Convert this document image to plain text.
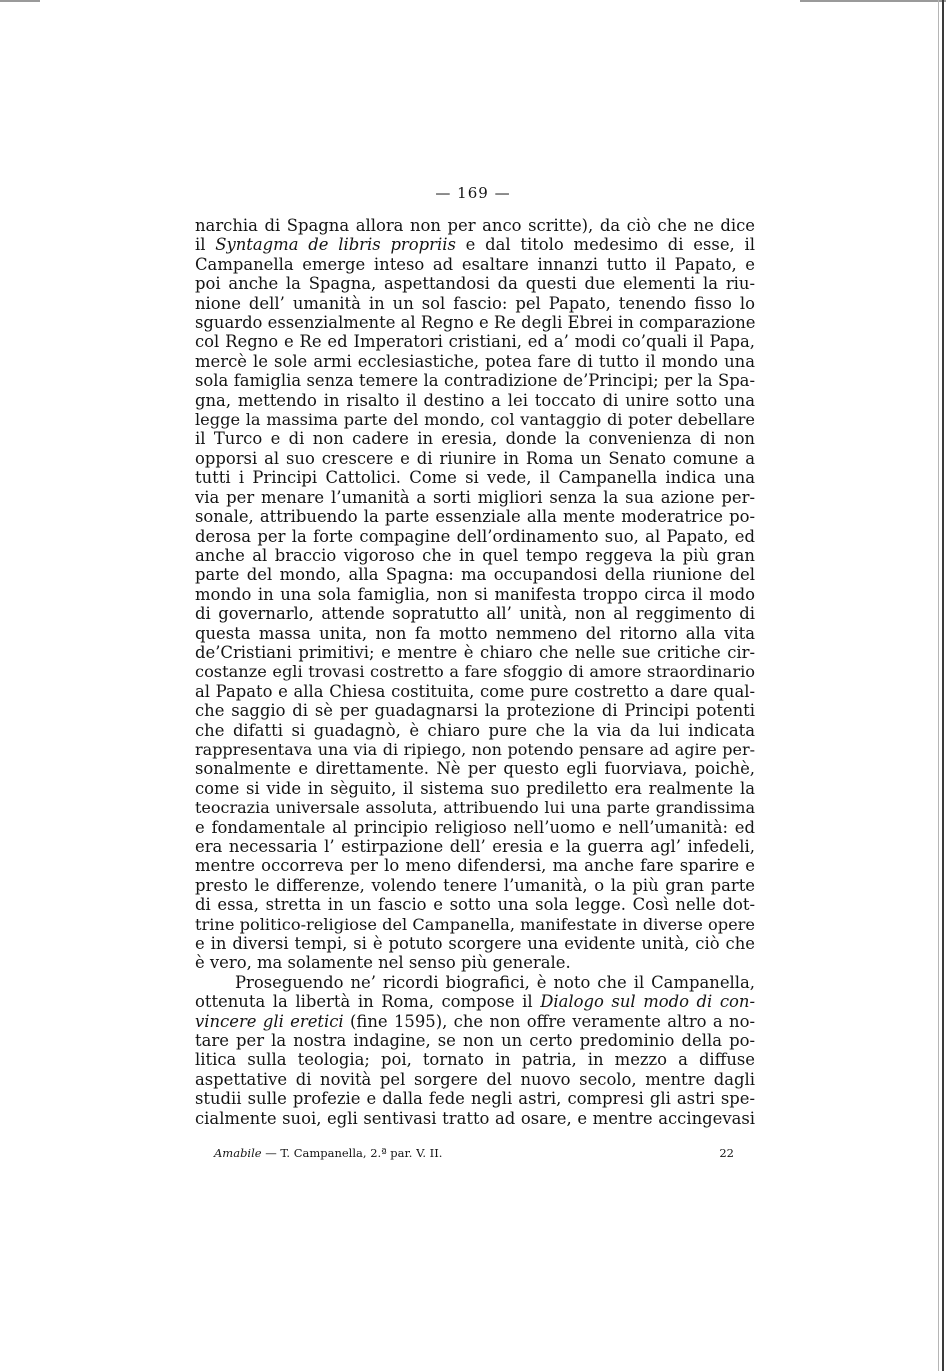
— 169 —
narchia di Spagna allora non per anco scritte), da ciò che ne dice
il Syntagma de libris propriis e dal titolo medesimo di esse, il
Campanella emerge inteso ad esaltare innanzi tutto il Papato, e
poi anche la Spagna, aspettandosi da questi due elementi la riu-
nione dell’ umanità in un sol fascio: pel Papato, tenendo fisso lo
sguardo essenzialmente al Regno e Re degli Ebrei in comparazione
col Regno e Re ed Imperatori cristiani, ed a’ modi co’quali il Papa,
mercè le sole armi ecclesiastiche, potea fare di tutto il mondo una
sola famiglia senza temere la contradizione de’Principi; per la Spa-
gna, mettendo in risalto il destino a lei toccato di unire sotto una
legge la massima parte del mondo, col vantaggio di poter debellare
il Turco e di non cadere in eresia, donde la convenienza di non
opporsi al suo crescere e di riunire in Roma un Senato comune a
tutti i Principi Cattolici. Come si vede, il Campanella indica una
via per menare l’umanità a sorti migliori senza la sua azione per-
sonale, attribuendo la parte essenziale alla mente moderatrice po-
derosa per la forte compagine dell’ordinamento suo, al Papato, ed
anche al braccio vigoroso che in quel tempo reggeva la più gran
parte del mondo, alla Spagna: ma occupandosi della riunione del
mondo in una sola famiglia, non si manifesta troppo circa il modo
di governarlo, attende sopratutto all’ unità, non al reggimento di
questa massa unita, non fa motto nemmeno del ritorno alla vita
de’Cristiani primitivi; e mentre è chiaro che nelle sue critiche cir-
costanze egli trovasi costretto a fare sfoggio di amore straordinario
al Papato e alla Chiesa costituita, come pure costretto a dare qual-
che saggio di sè per guadagnarsi la protezione di Principi potenti
che difatti si guadagnò, è chiaro pure che la via da lui indicata
rappresentava una via di ripiego, non potendo pensare ad agire per-
sonalmente e direttamente. Nè per questo egli fuorviava, poichè,
come si vide in sèguito, il sistema suo prediletto era realmente la
teocrazia universale assoluta, attribuendo lui una parte grandissima
e fondamentale al principio religioso nell’uomo e nell’umanità: ed
era necessaria l’ estirpazione dell’ eresia e la guerra agl’ infedeli,
mentre occorreva per lo meno difendersi, ma anche fare sparire e
presto le differenze, volendo tenere l’umanità, o la più gran parte
di essa, stretta in un fascio e sotto una sola legge. Così nelle dot-
trine politico-religiose del Campanella, manifestate in diverse opere
e in diversi tempi, si è potuto scorgere una evidente unità, ciò che
è vero, ma solamente nel senso più generale.
Proseguendo ne’ ricordi biografici, è noto che il Campanella,
ottenuta la libertà in Roma, compose il Dialogo sul modo di con-
vincere gli eretici (fine 1595), che non offre veramente altro a no-
tare per la nostra indagine, se non un certo predominio della po-
litica sulla teologia; poi, tornato in patria, in mezzo a diffuse
aspettative di novità pel sorgere del nuovo secolo, mentre dagli
studii sulle profezie e dalla fede negli astri, compresi gli astri spe-
cialmente suoi, egli sentivasi tratto ad osare, e mentre accingevasi
Amabile — T. Campanella, 2.ª par. V. II.	22
